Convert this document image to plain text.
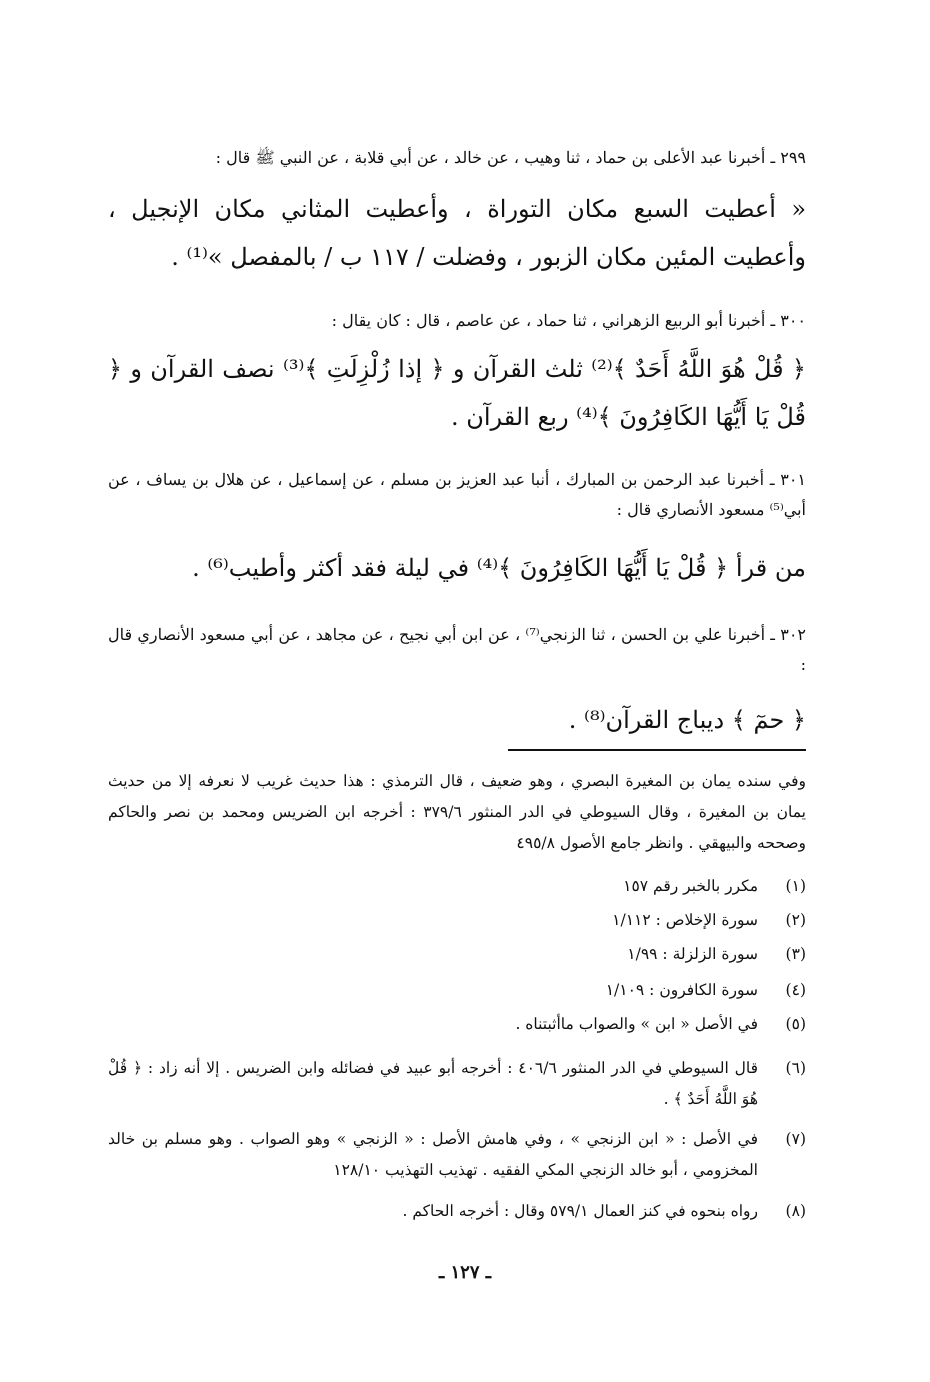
٢٩٩ ـ أخبرنا عبد الأعلى بن حماد ، ثنا وهيب ، عن خالد ، عن أبي قلابة ، عن النبي ﷺ قال :
« أعطيت السبع مكان التوراة ، وأعطيت المثاني مكان الإنجيل ، وأعطيت المئين مكان الزبور ، وفضلت / ١١٧ ب / بالمفصل »⁽¹⁾ .
٣٠٠ ـ أخبرنا أبو الربيع الزهراني ، ثنا حماد ، عن عاصم ، قال : كان يقال :
﴿ قُلْ هُوَ اللَّهُ أَحَدٌ ﴾⁽²⁾ ثلث القرآن و ﴿ إذا زُلْزِلَتِ ﴾⁽³⁾ نصف القرآن و ﴿ قُلْ يَا أَيُّهَا الكَافِرُونَ ﴾⁽⁴⁾ ربع القرآن .
٣٠١ ـ أخبرنا عبد الرحمن بن المبارك ، أنبا عبد العزيز بن مسلم ، عن إسماعيل ، عن هلال بن يساف ، عن أبي⁽⁵⁾ مسعود الأنصاري قال :
من قرأ ﴿ قُلْ يَا أَيُّهَا الكَافِرُونَ ﴾⁽⁴⁾ في ليلة فقد أكثر وأطيب⁽⁶⁾ .
٣٠٢ ـ أخبرنا علي بن الحسن ، ثنا الزنجي⁽⁷⁾ ، عن ابن أبي نجيح ، عن مجاهد ، عن أبي مسعود الأنصاري قال :
﴿ حمٓ ﴾ ديباج القرآن⁽⁸⁾ .
وفي سنده يمان بن المغيرة البصري ، وهو ضعيف ، قال الترمذي : هذا حديث غريب لا نعرفه إلا من حديث يمان بن المغيرة ، وقال السيوطي في الدر المنثور ٣٧٩/٦ : أخرجه ابن الضريس ومحمد بن نصر والحاكم وصححه والبيهقي . وانظر جامع الأصول ٤٩٥/٨
(١)
مكرر بالخبر رقم ١٥٧
(٢)
سورة الإخلاص : ١/١١٢
(٣)
سورة الزلزلة : ١/٩٩
(٤)
سورة الكافرون : ١/١٠٩
(٥)
في الأصل « ابن » والصواب ماأثبتناه .
(٦)
قال السيوطي في الدر المنثور ٤٠٦/٦ : أخرجه أبو عبيد في فضائله وابن الضريس . إلا أنه زاد : ﴿ قُلْ هُوَ اللَّهُ أَحَدٌ ﴾ .
(٧)
في الأصل : « ابن الزنجي » ، وفي هامش الأصل : « الزنجي » وهو الصواب . وهو مسلم بن خالد المخزومي ، أبو خالد الزنجي المكي الفقيه . تهذيب التهذيب ١٢٨/١٠
(٨)
رواه بنحوه في كنز العمال ٥٧٩/١ وقال : أخرجه الحاكم .
ـ ١٢٧ ـ
